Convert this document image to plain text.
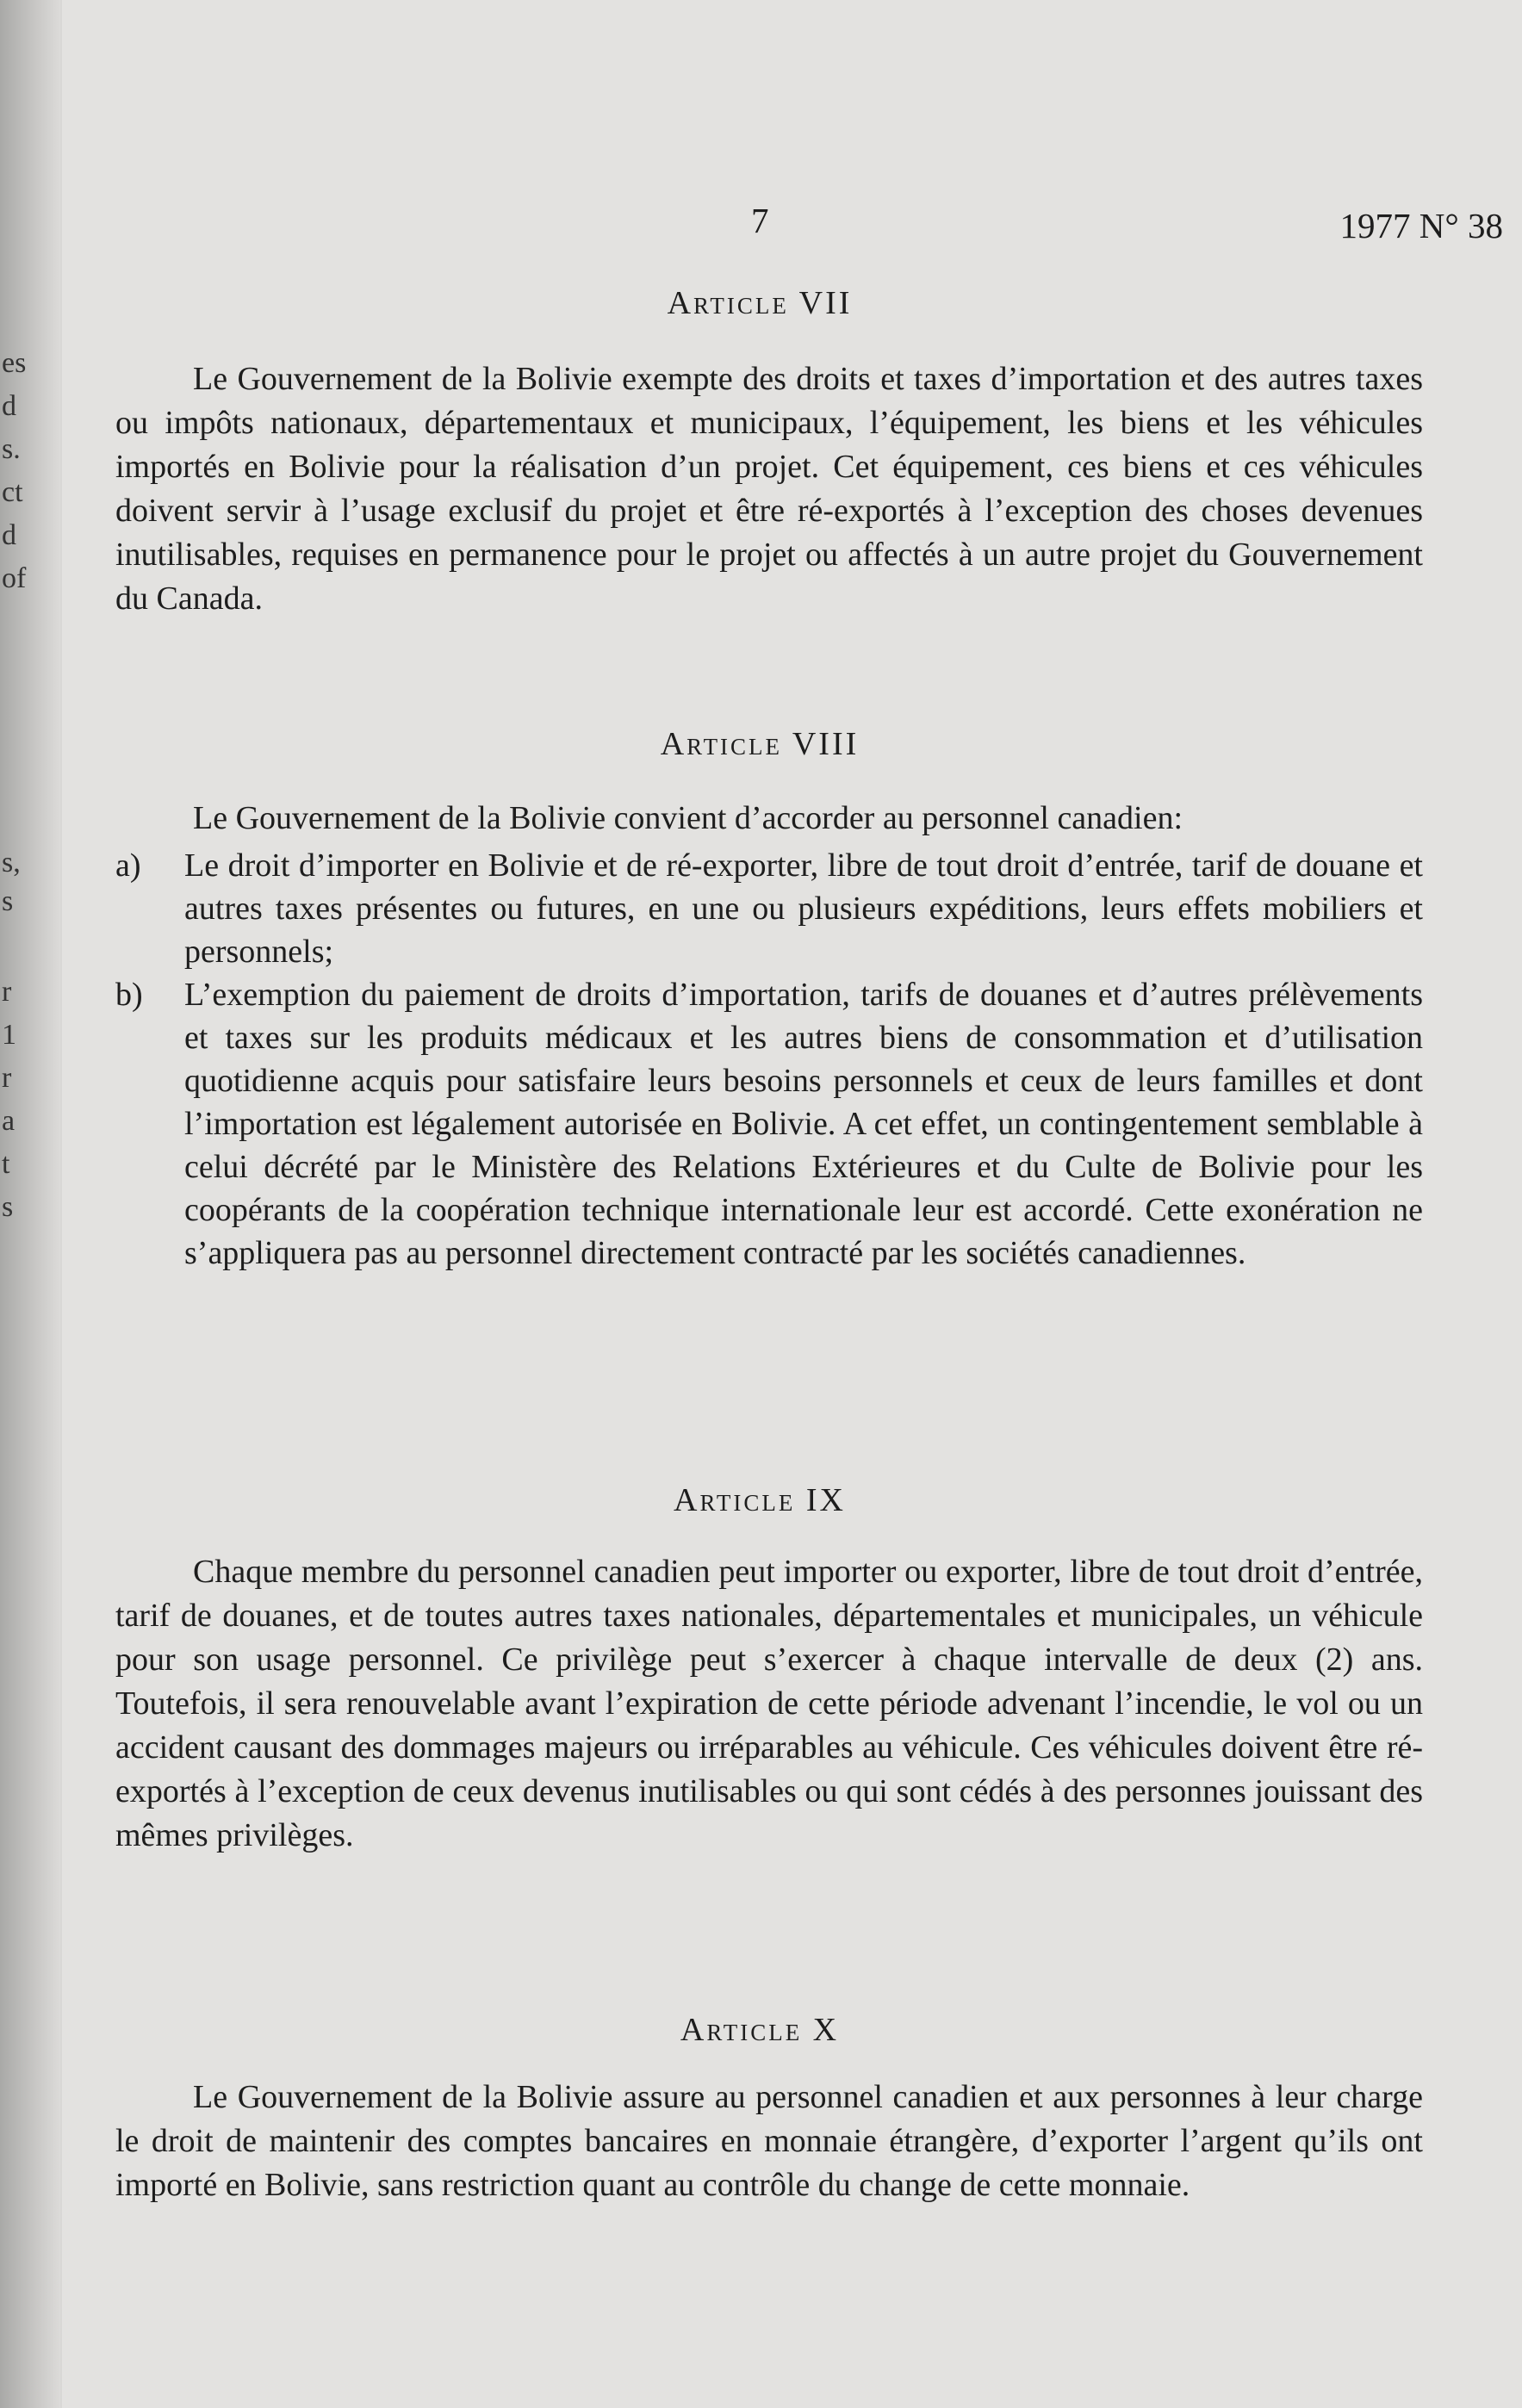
es
d
s.
ct
d
of
s,
s
r
1
r
a
t
s
7	1977 N° 38
Article VII

Le Gouvernement de la Bolivie exempte des droits et taxes d’importation et des autres taxes ou impôts nationaux, départementaux et municipaux, l’équipement, les biens et les véhicules importés en Bolivie pour la réalisation d’un projet. Cet équipement, ces biens et ces véhicules doivent servir à l’usage exclusif du projet et être ré-exportés à l’exception des choses devenues inutilisables, requises en permanence pour le projet ou affectés à un autre projet du Gouvernement du Canada.

Article VIII

Le Gouvernement de la Bolivie convient d’accorder au personnel canadien:

a) Le droit d’importer en Bolivie et de ré-exporter, libre de tout droit d’entrée, tarif de douane et autres taxes présentes ou futures, en une ou plusieurs expéditions, leurs effets mobiliers et personnels;
b) L’exemption du paiement de droits d’importation, tarifs de douanes et d’autres prélèvements et taxes sur les produits médicaux et les autres biens de consommation et d’utilisation quotidienne acquis pour satisfaire leurs besoins personnels et ceux de leurs familles et dont l’importation est légalement autorisée en Bolivie. A cet effet, un contingentement semblable à celui décrété par le Ministère des Relations Extérieures et du Culte de Bolivie pour les coopérants de la coopération technique internationale leur est accordé. Cette exonération ne s’appliquera pas au personnel directement contracté par les sociétés canadiennes.
Article IX

Chaque membre du personnel canadien peut importer ou exporter, libre de tout droit d’entrée, tarif de douanes, et de toutes autres taxes nationales, départementales et municipales, un véhicule pour son usage personnel. Ce privilège peut s’exercer à chaque intervalle de deux (2) ans. Toutefois, il sera renouvelable avant l’expiration de cette période advenant l’incendie, le vol ou un accident causant des dommages majeurs ou irréparables au véhicule. Ces véhicules doivent être ré-exportés à l’exception de ceux devenus inutilisables ou qui sont cédés à des personnes jouissant des mêmes privilèges.

Article X

Le Gouvernement de la Bolivie assure au personnel canadien et aux personnes à leur charge le droit de maintenir des comptes bancaires en monnaie étrangère, d’exporter l’argent qu’ils ont importé en Bolivie, sans restriction quant au contrôle du change de cette monnaie.
